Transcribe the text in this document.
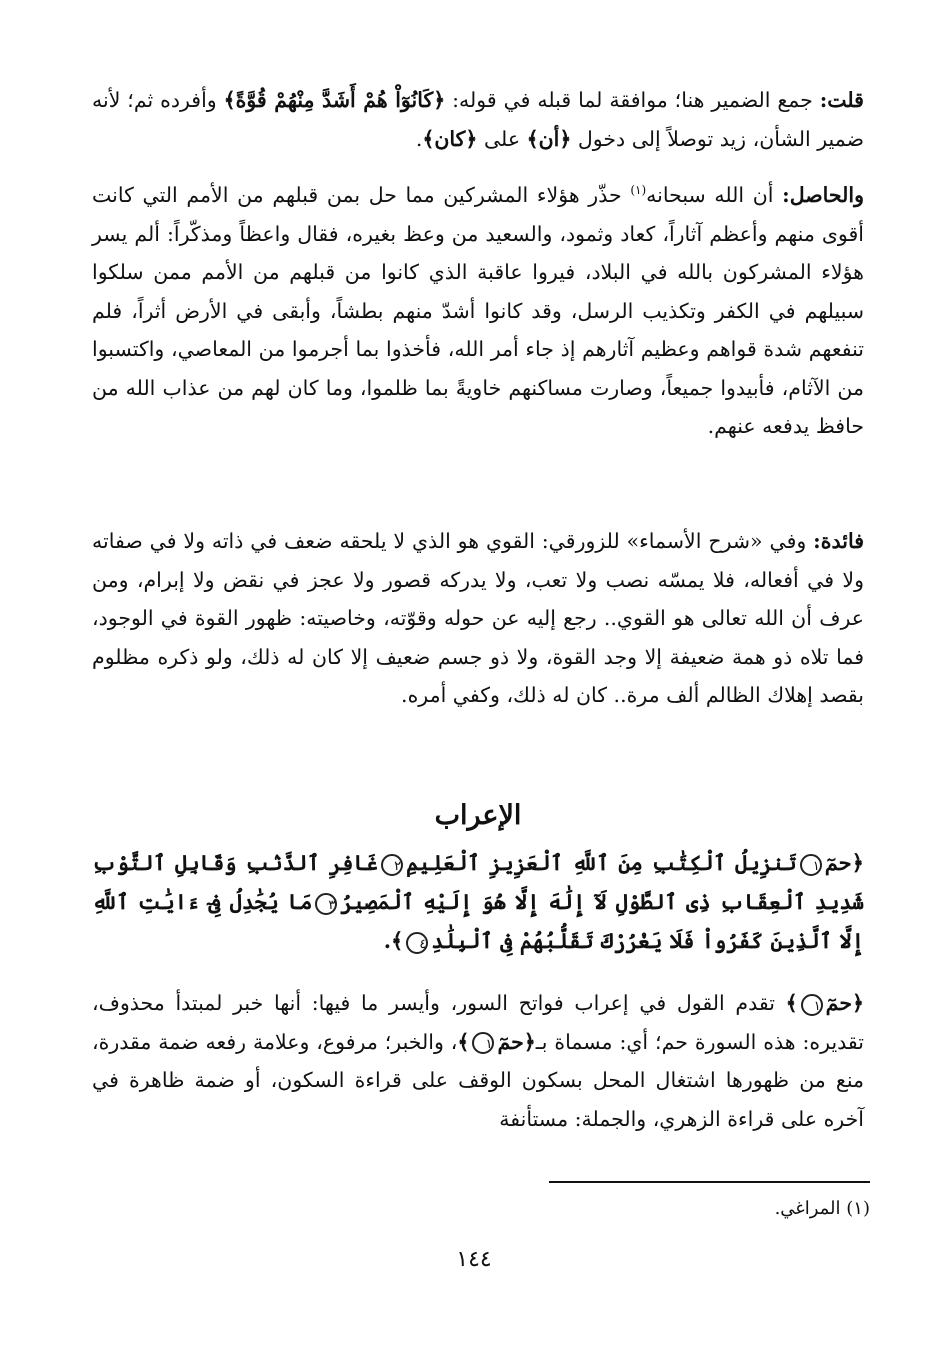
قلت: جمع الضمير هنا؛ موافقة لما قبله في قوله: ﴿كَانُوٓاْ هُمْ أَشَدَّ مِنْهُمْ قُوَّةً﴾ وأفرده ثم؛ لأنه ضمير الشأن، زيد توصلاً إلى دخول ﴿أن﴾ على ﴿كان﴾.

والحاصل: أن الله سبحانه$^{(١)}$ حذّر هؤلاء المشركين مما حل بمن قبلهم من الأمم التي كانت أقوى منهم وأعظم آثاراً، كعاد وثمود، والسعيد من وعظ بغيره، فقال واعظاً ومذكّراً: ألم يسر هؤلاء المشركون بالله في البلاد، فيروا عاقبة الذي كانوا من قبلهم من الأمم ممن سلكوا سبيلهم في الكفر وتكذيب الرسل، وقد كانوا أشدّ منهم بطشاً، وأبقى في الأرض أثراً، فلم تنفعهم شدة قواهم وعظيم آثارهم إذ جاء أمر الله، فأخذوا بما أجرموا من المعاصي، واكتسبوا من الآثام، فأبيدوا جميعاً، وصارت مساكنهم خاويةً بما ظلموا، وما كان لهم من عذاب الله من حافظ يدفعه عنهم.

فائدة: وفي «شرح الأسماء» للزورقي: القوي هو الذي لا يلحقه ضعف في ذاته ولا في صفاته ولا في أفعاله، فلا يمسّه نصب ولا تعب، ولا يدركه قصور ولا عجز في نقض ولا إبرام، ومن عرف أن الله تعالى هو القوي.. رجع إليه عن حوله وقوّته، وخاصيته: ظهور القوة في الوجود، فما تلاه ذو همة ضعيفة إلا وجد القوة، ولا ذو جسم ضعيف إلا كان له ذلك، ولو ذكره مظلوم بقصد إهلاك الظالم ألف مرة.. كان له ذلك، وكفي أمره.

الإعراب

﴿حمٓ١تَنزِيلُ ٱلْكِتَٰبِ مِنَ ٱللَّهِ ٱلْعَزِيزِ ٱلْعَلِيمِ٢غَافِرِ ٱلذَّنۢبِ وَقَابِلِ ٱلتَّوْبِ شَدِيدِ ٱلْعِقَابِ ذِى ٱلطَّوْلِ لَآ إِلَٰهَ إِلَّا هُوَ إِلَيْهِ ٱلْمَصِيرُ٣مَا يُجَٰدِلُ فِىٓ ءَايَٰتِ ٱللَّهِ إِلَّا ٱلَّذِينَ كَفَرُواْ فَلَا يَغْرُرْكَ تَقَلُّبُهُمْ فِى ٱلْبِلَٰدِ٤﴾.

﴿حمٓ١﴾ تقدم القول في إعراب فواتح السور، وأيسر ما فيها: أنها خبر لمبتدأ محذوف، تقديره: هذه السورة حم؛ أي: مسماة بـ﴿حمٓ١﴾، والخبر؛ مرفوع، وعلامة رفعه ضمة مقدرة، منع من ظهورها اشتغال المحل بسكون الوقف على قراءة السكون، أو ضمة ظاهرة في آخره على قراءة الزهري، والجملة: مستأنفة

(١) المراغي.

١٤٤
